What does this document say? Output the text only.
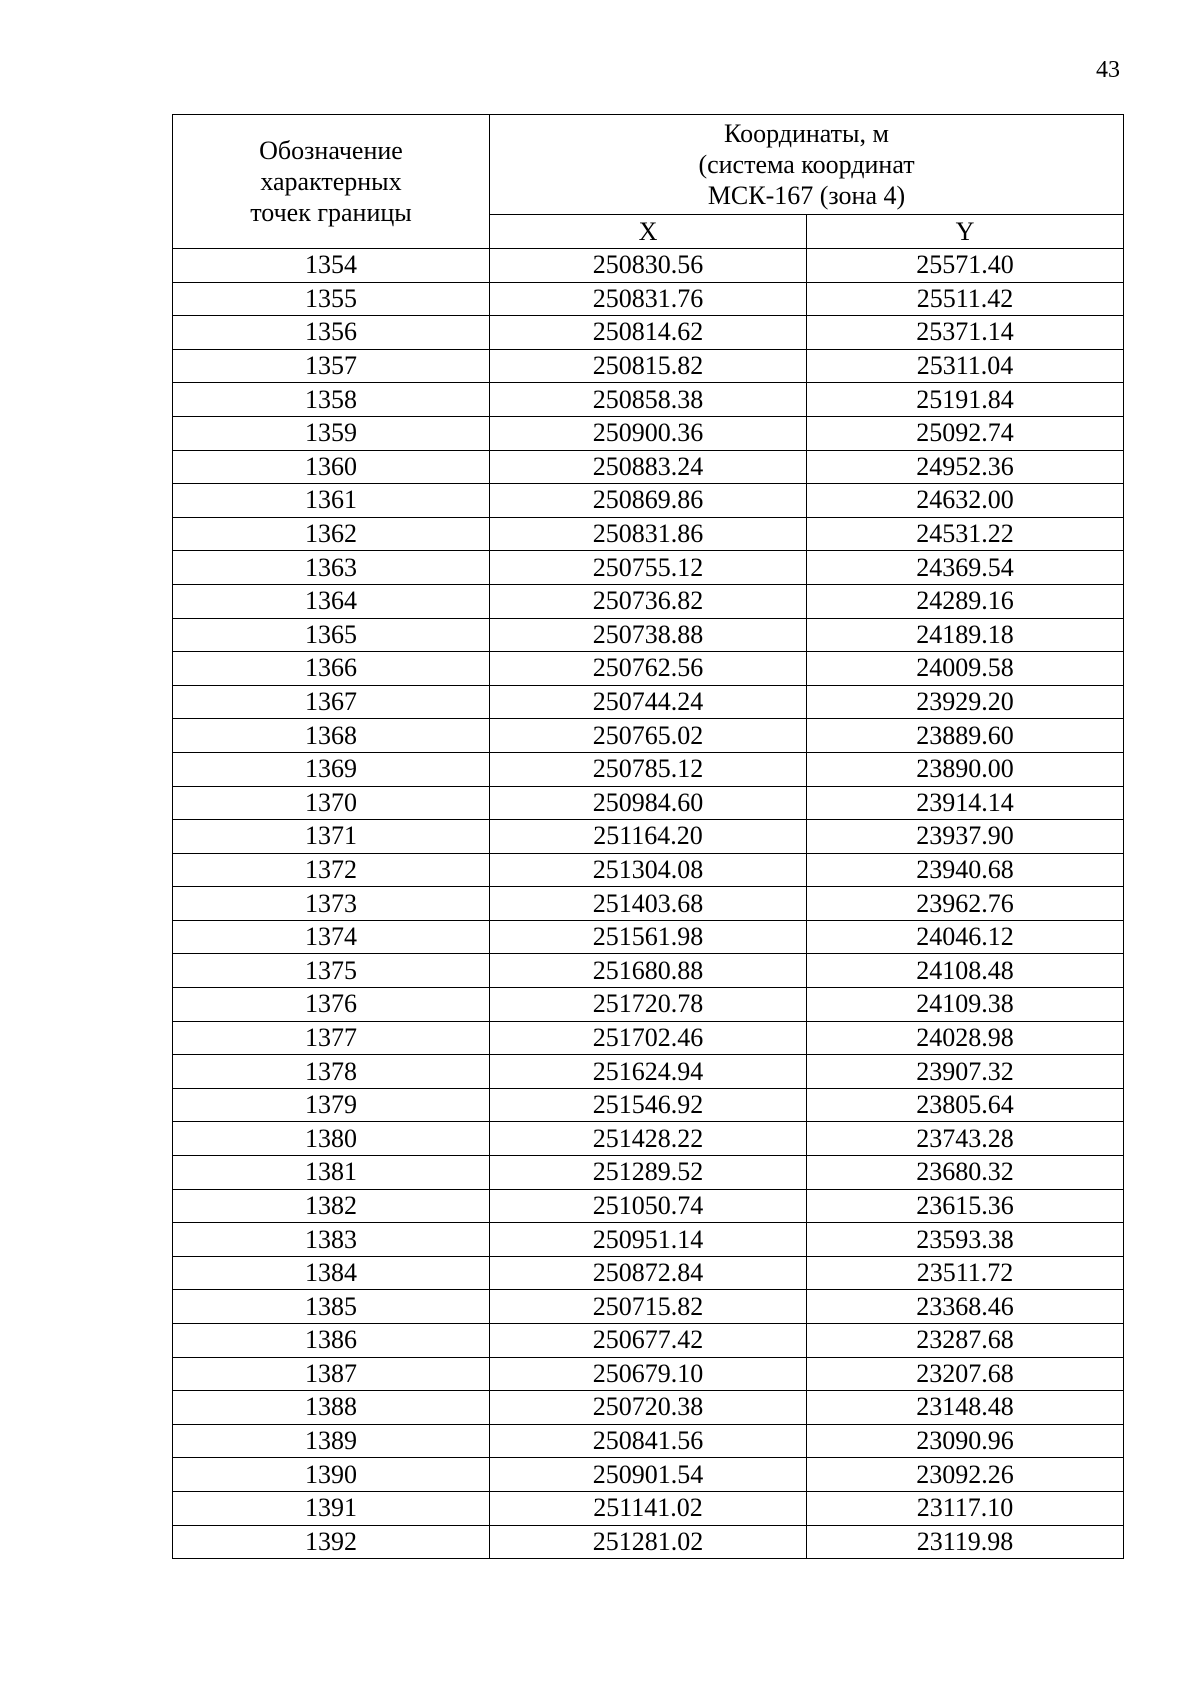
43
Обозначение
характерных
точек границы	Координаты, м
(система координат
МСК-167 (зона 4)	

	X	Y
1354	250830.56	25571.40
1355	250831.76	25511.42
1356	250814.62	25371.14
1357	250815.82	25311.04
1358	250858.38	25191.84
1359	250900.36	25092.74
1360	250883.24	24952.36
1361	250869.86	24632.00
1362	250831.86	24531.22
1363	250755.12	24369.54
1364	250736.82	24289.16
1365	250738.88	24189.18
1366	250762.56	24009.58
1367	250744.24	23929.20
1368	250765.02	23889.60
1369	250785.12	23890.00
1370	250984.60	23914.14
1371	251164.20	23937.90
1372	251304.08	23940.68
1373	251403.68	23962.76
1374	251561.98	24046.12
1375	251680.88	24108.48
1376	251720.78	24109.38
1377	251702.46	24028.98
1378	251624.94	23907.32
1379	251546.92	23805.64
1380	251428.22	23743.28
1381	251289.52	23680.32
1382	251050.74	23615.36
1383	250951.14	23593.38
1384	250872.84	23511.72
1385	250715.82	23368.46
1386	250677.42	23287.68
1387	250679.10	23207.68
1388	250720.38	23148.48
1389	250841.56	23090.96
1390	250901.54	23092.26
1391	251141.02	23117.10
1392	251281.02	23119.98
